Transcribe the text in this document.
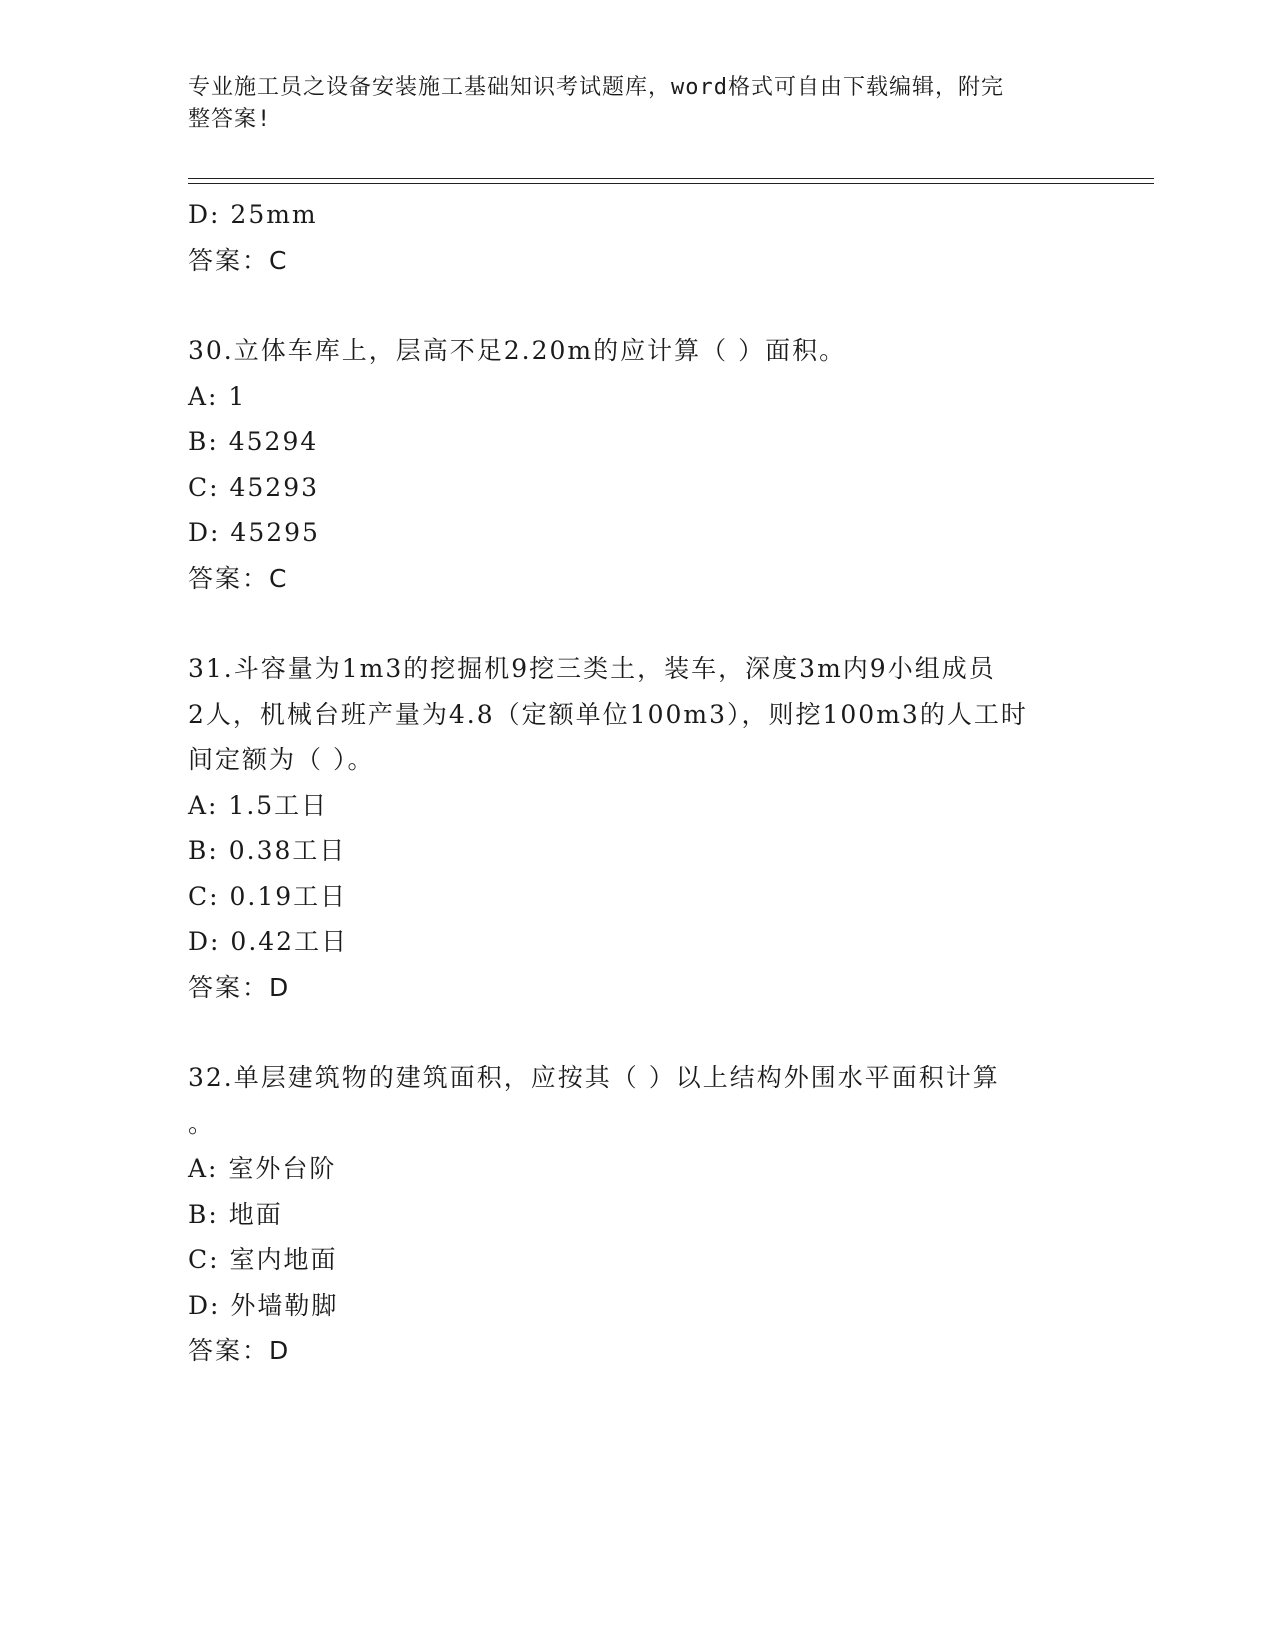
专业施工员之设备安装施工基础知识考试题库，word格式可自由下载编辑，附完
整答案!
D: 25mm
答案：C
30.立体车库上，层高不足2.20m的应计算（ ）面积。
A: 1
B: 45294
C: 45293
D: 45295
答案：C
31.斗容量为1m3的挖掘机9挖三类土，装车，深度3m内9小组成员
2人，机械台班产量为4.8（定额单位100m3），则挖100m3的人工时
间定额为（ ）。
A: 1.5工日
B: 0.38工日
C: 0.19工日
D: 0.42工日
答案：D
32.单层建筑物的建筑面积，应按其（ ）以上结构外围水平面积计算
。
A: 室外台阶
B: 地面
C: 室内地面
D: 外墙勒脚
答案：D
